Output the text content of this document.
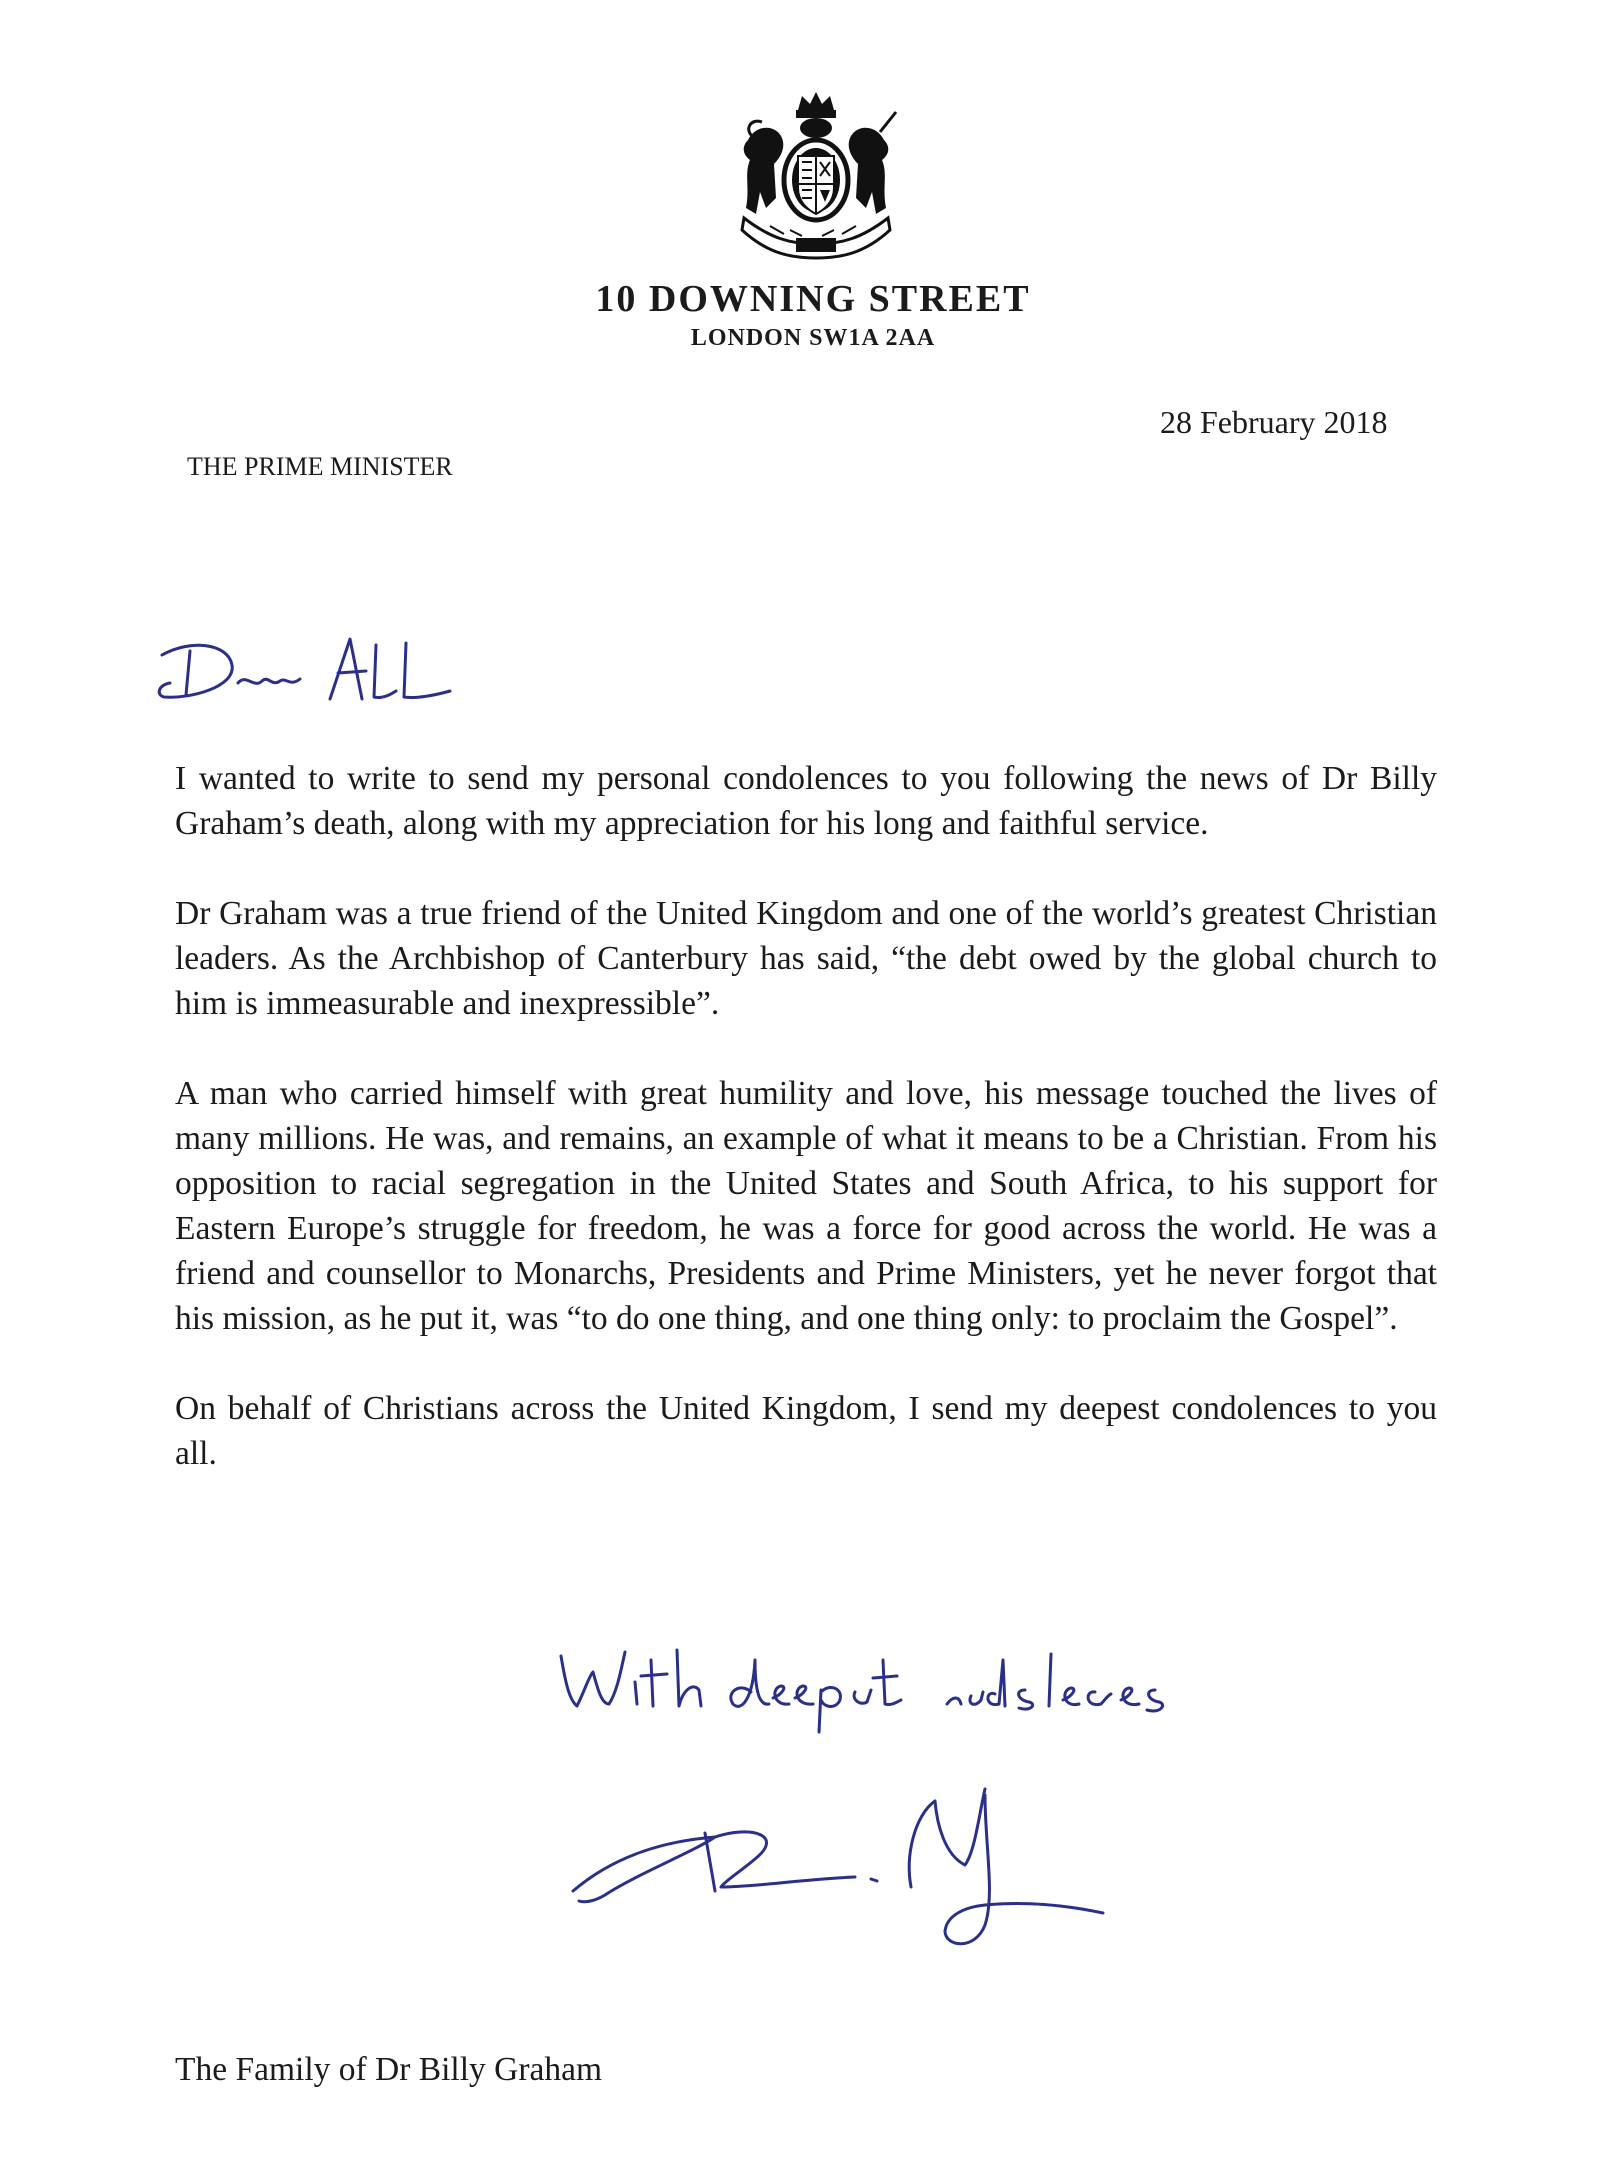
10 DOWNING STREET
LONDON SW1A 2AA
28 February 2018
THE PRIME MINISTER

I wanted to write to send my personal condolences to you following the news of Dr Billy Graham’s death, along with my appreciation for his long and faithful service.

Dr Graham was a true friend of the United Kingdom and one of the world’s greatest Christian leaders. As the Archbishop of Canterbury has said, “the debt owed by the global church to him is immeasurable and inexpressible”.

A man who carried himself with great humility and love, his message touched the lives of many millions. He was, and remains, an example of what it means to be a Christian. From his opposition to racial segregation in the United States and South Africa, to his support for Eastern Europe’s struggle for freedom, he was a force for good across the world. He was a friend and counsellor to Monarchs, Presidents and Prime Ministers, yet he never forgot that his mission, as he put it, was “to do one thing, and one thing only: to proclaim the Gospel”.

On behalf of Christians across the United Kingdom, I send my deepest condolences to you all.

The Family of Dr Billy Graham
